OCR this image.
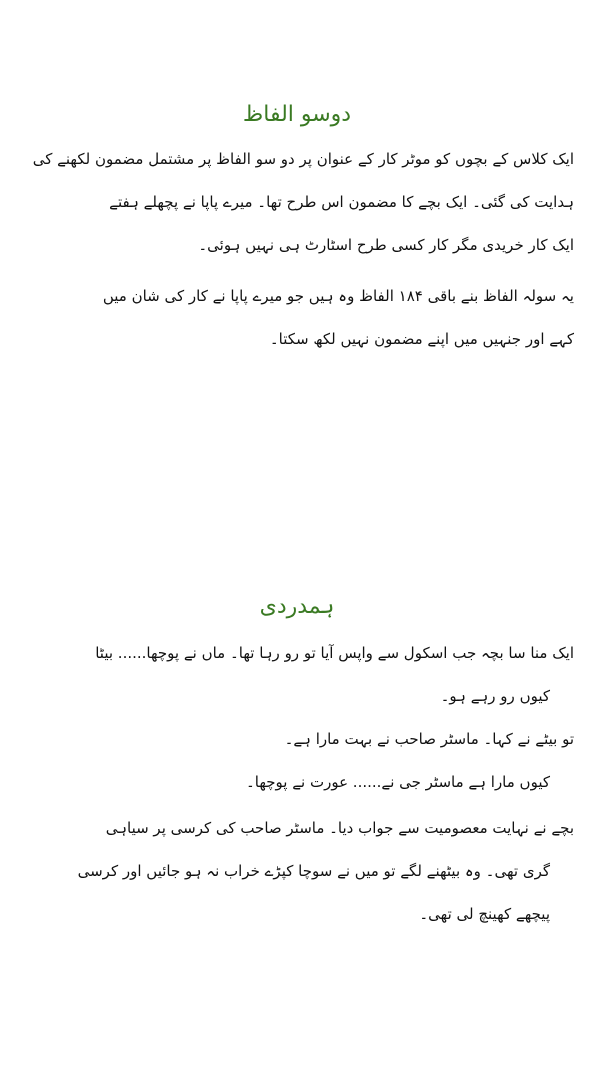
دوسو الفاظ
ایک کلاس کے بچوں کو موٹر کار کے عنوان پر دو سو الفاظ پر مشتمل مضمون لکھنے کی
ہدایت کی گئی۔ ایک بچے کا مضمون اس طرح تھا۔ میرے پاپا نے پچھلے ہفتے
ایک کار خریدی مگر کار کسی طرح اسٹارٹ ہی نہیں ہوئی۔
یہ سولہ الفاظ بنے باقی ۱۸۴ الفاظ وہ ہیں جو میرے پاپا نے کار کی شان میں
کہے اور جنہیں میں اپنے مضمون نہیں لکھ سکتا۔
ہمدردی
ایک منا سا بچہ جب اسکول سے واپس آیا تو رو رہا تھا۔ ماں نے پوچھا...... بیٹا
کیوں رو رہے ہو۔
تو بیٹے نے کہا۔ ماسٹر صاحب نے بہت مارا ہے۔
کیوں مارا ہے ماسٹر جی نے...... عورت نے پوچھا۔
بچے نے نہایت معصومیت سے جواب دیا۔ ماسٹر صاحب کی کرسی پر سیاہی
گری تھی۔ وہ بیٹھنے لگے تو میں نے سوچا کپڑے خراب نہ ہو جائیں اور کرسی
پیچھے کھینچ لی تھی۔
